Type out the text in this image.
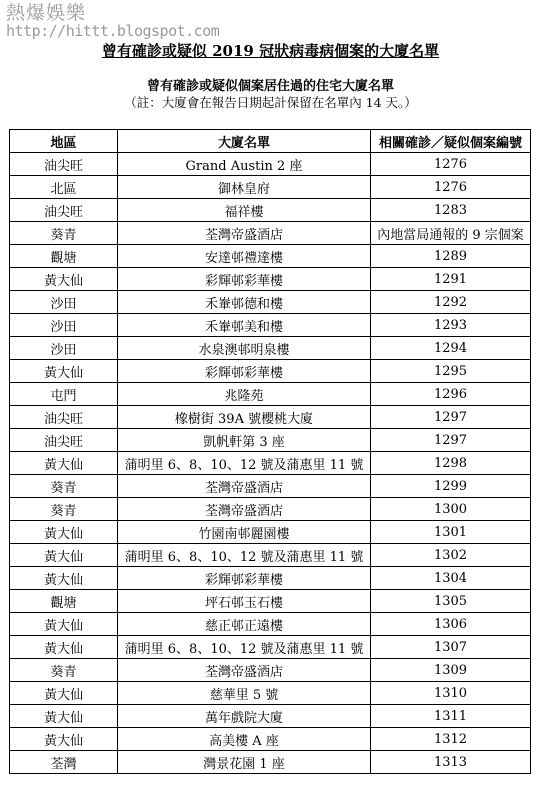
熱爆娛樂
http://hittt.blogspot.com
曾有確診或疑似 2019 冠狀病毒病個案的大廈名單
曾有確診或疑似個案居住過的住宅大廈名單
（註：大廈會在報告日期起計保留在名單內 14 天。）
地區	大廈名單	相關確診／疑似個案編號
油尖旺	Grand Austin 2 座	1276
北區	御林皇府	1276
油尖旺	福祥樓	1283
葵青	荃灣帝盛酒店	內地當局通報的 9 宗個案
觀塘	安達邨禮達樓	1289
黃大仙	彩輝邨彩華樓	1291
沙田	禾輋邨德和樓	1292
沙田	禾輋邨美和樓	1293
沙田	水泉澳邨明泉樓	1294
黃大仙	彩輝邨彩華樓	1295
屯門	兆隆苑	1296
油尖旺	橡樹街 39A 號櫻桃大廈	1297
油尖旺	凱帆軒第 3 座	1297
黃大仙	蒲明里 6、8、10、12 號及蒲惠里 11 號	1298
葵青	荃灣帝盛酒店	1299
葵青	荃灣帝盛酒店	1300
黃大仙	竹園南邨麗園樓	1301
黃大仙	蒲明里 6、8、10、12 號及蒲惠里 11 號	1302
黃大仙	彩輝邨彩華樓	1304
觀塘	坪石邨玉石樓	1305
黃大仙	慈正邨正遠樓	1306
黃大仙	蒲明里 6、8、10、12 號及蒲惠里 11 號	1307
葵青	荃灣帝盛酒店	1309
黃大仙	慈華里 5 號	1310
黃大仙	萬年戲院大廈	1311
黃大仙	高美樓 A 座	1312
荃灣	灣景花園 1 座	1313
